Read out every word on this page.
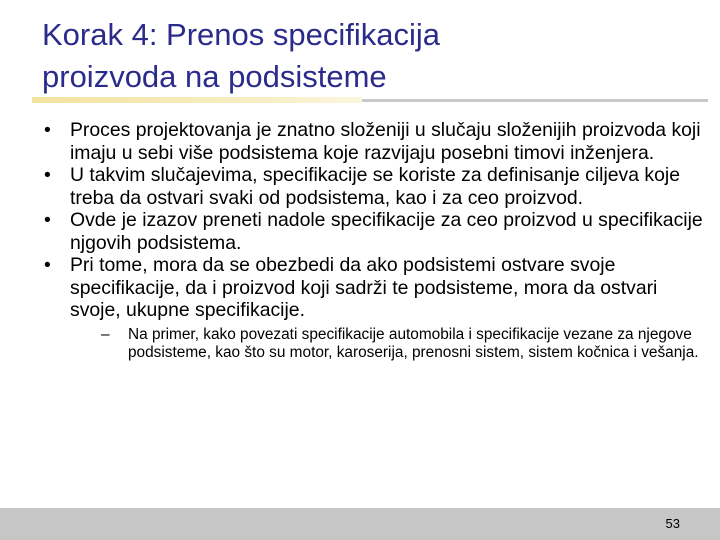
Korak 4: Prenos specifikacija
proizvoda na podsisteme
• Proces projektovanja je znatno složeniji u slučaju složenijih proizvoda koji imaju u sebi više podsistema koje razvijaju posebni timovi inženjera.
• U takvim slučajevima, specifikacije se koriste za definisanje ciljeva koje treba da ostvari svaki od podsistema, kao i za ceo proizvod.
• Ovde je izazov preneti nadole specifikacije za ceo proizvod u specifikacije njgovih podsistema.
• Pri tome, mora da se obezbedi da ako podsistemi ostvare svoje specifikacije, da i proizvod koji sadrži te podsisteme, mora da ostvari svoje, ukupne specifikacije.
– Na primer, kako povezati specifikacije automobila i specifikacije vezane za njegove podsisteme, kao što su motor, karoserija, prenosni sistem, sistem kočnica i vešanja.
53
